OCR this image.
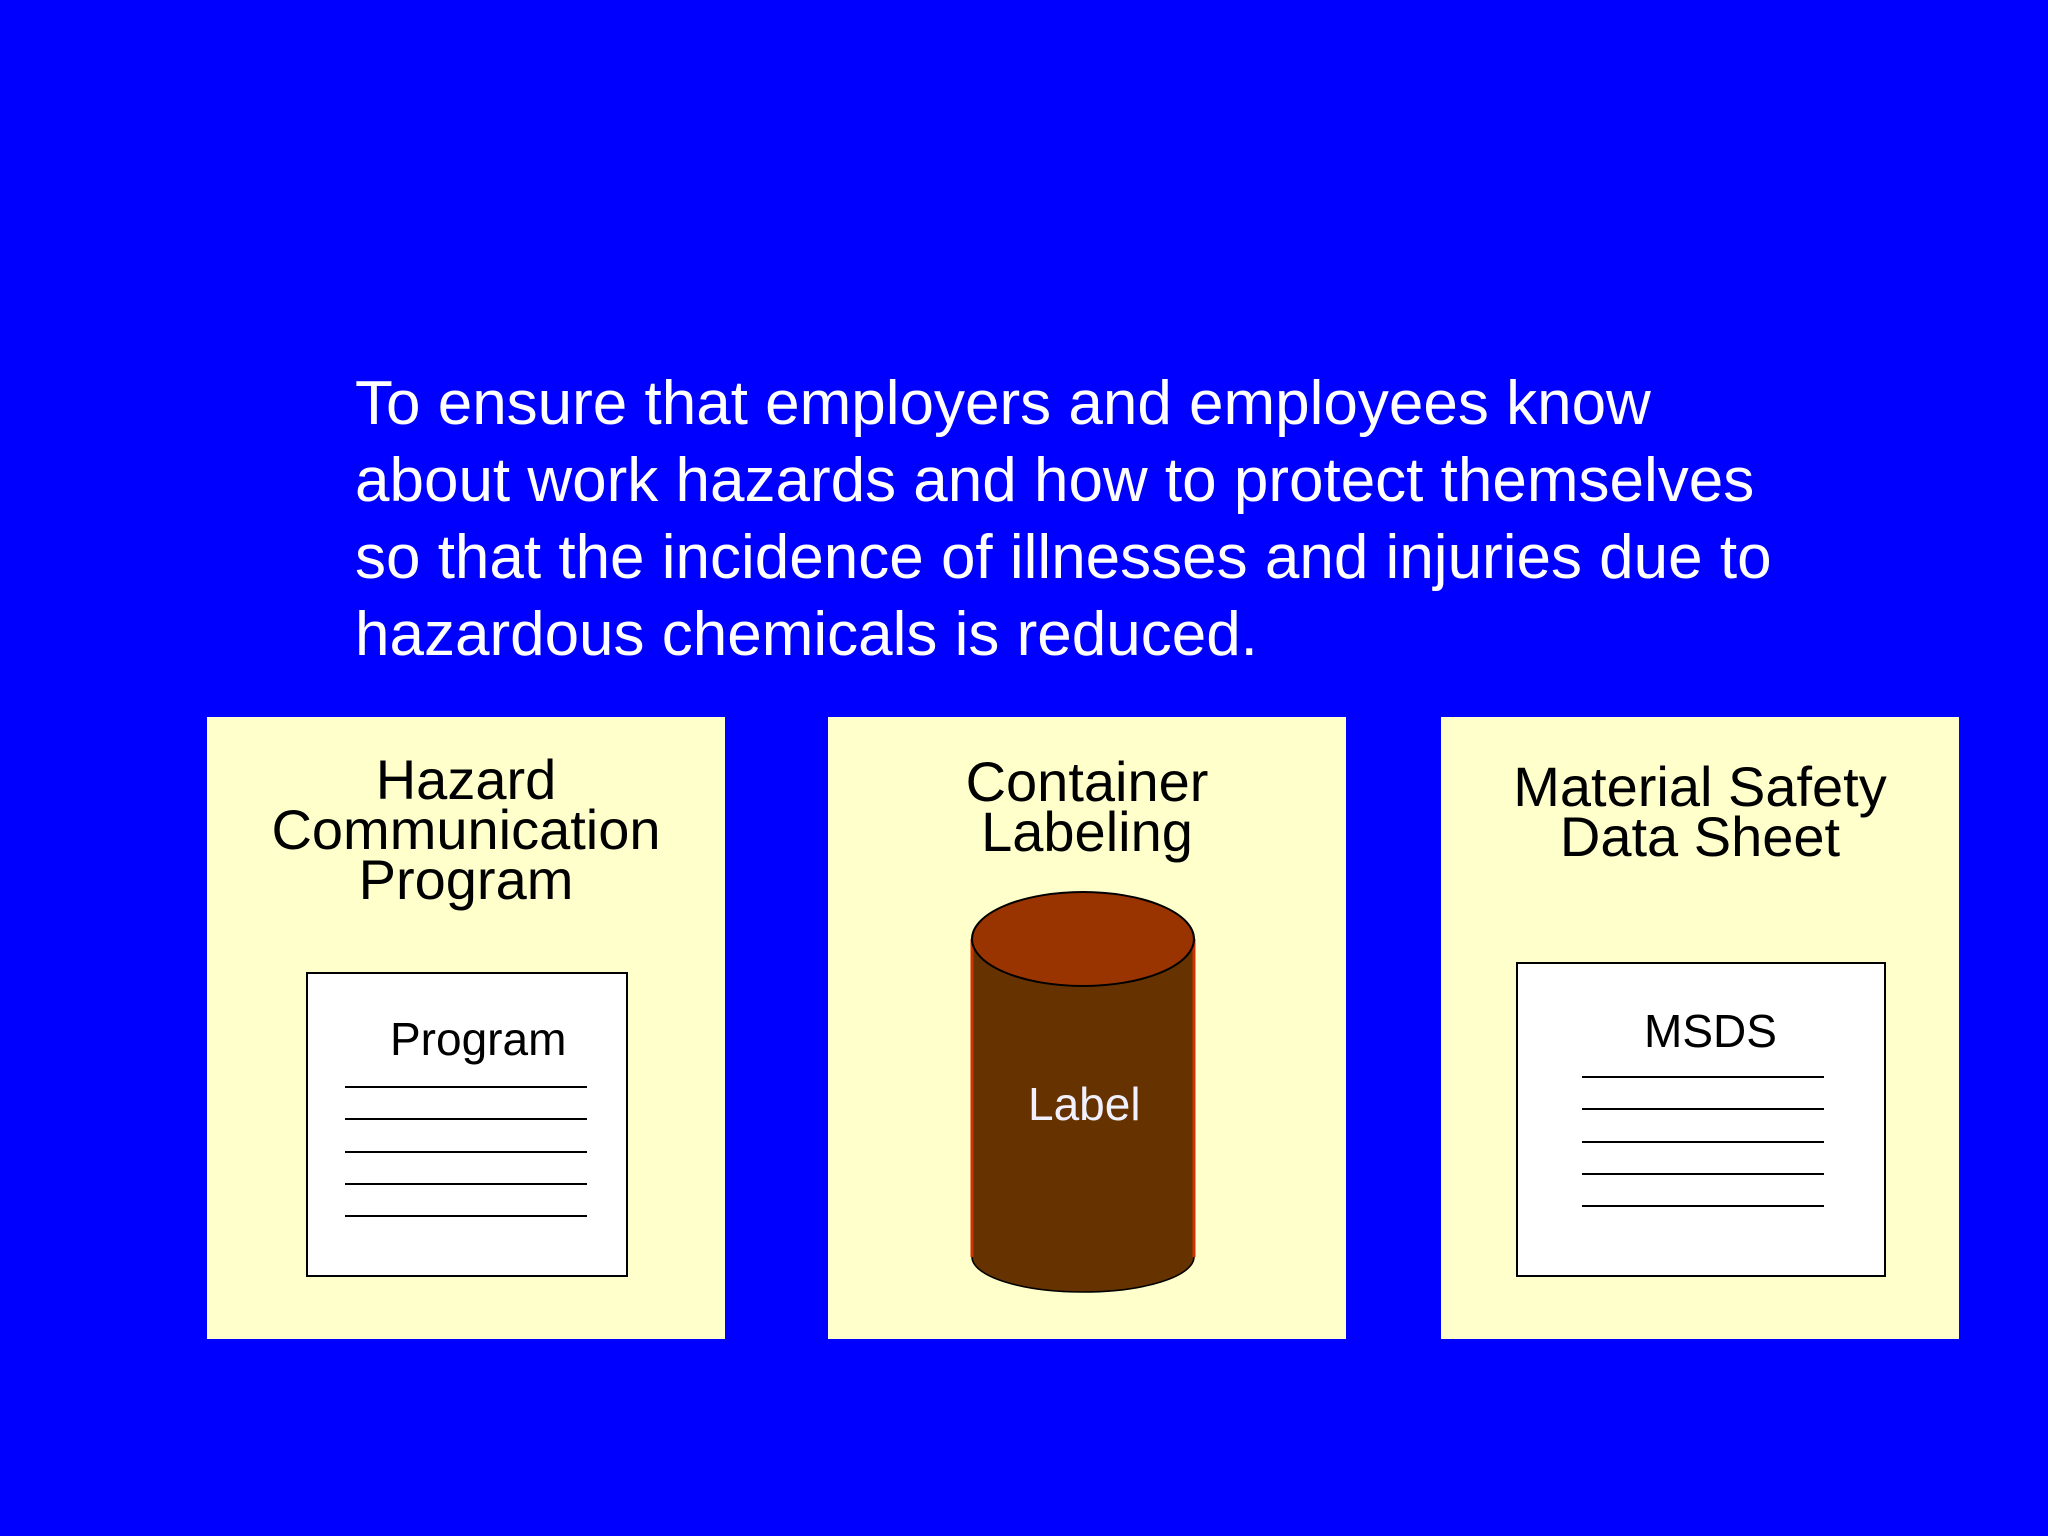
To ensure that employers and employees know
about work hazards and how to protect themselves
so that the incidence of illnesses and injuries due to
hazardous chemicals is reduced.

Hazard
Communication
Program
Program
Container
Labeling
Label
Material Safety
Data Sheet
MSDS
